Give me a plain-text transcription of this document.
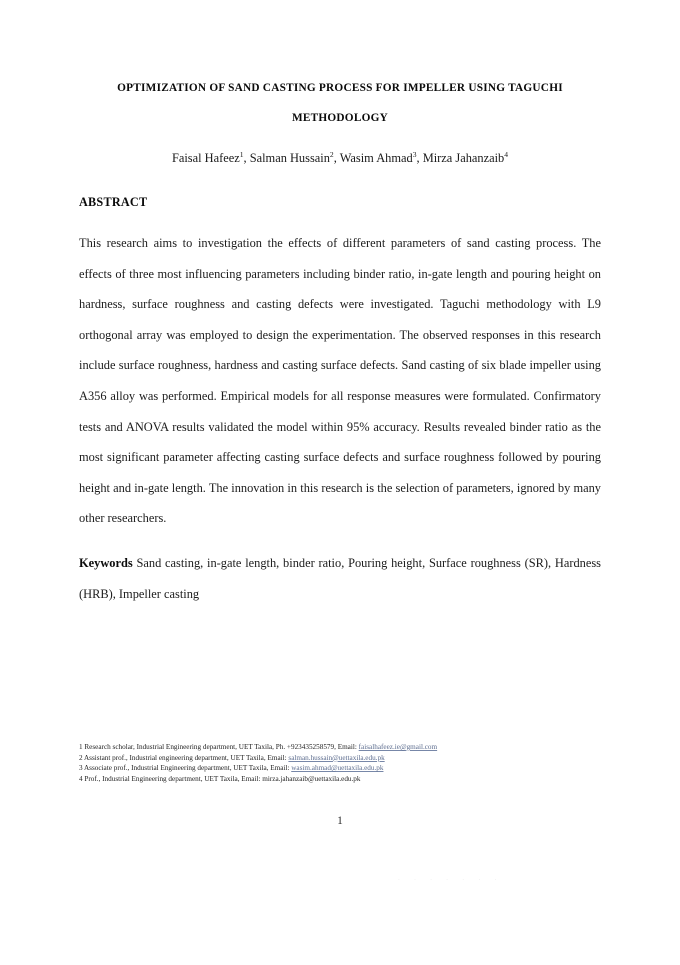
OPTIMIZATION OF SAND CASTING PROCESS FOR IMPELLER USING TAGUCHI
METHODOLOGY

Faisal Hafeez$^1$, Salman Hussain$^2$, Wasim Ahmad$^3$, Mirza Jahanzaib$^4$

ABSTRACT

This research aims to investigation the effects of different parameters of sand casting process. The effects of three most influencing parameters including binder ratio, in-gate length and pouring height on hardness, surface roughness and casting defects were investigated. Taguchi methodology with L9 orthogonal array was employed to design the experimentation. The observed responses in this research include surface roughness, hardness and casting surface defects. Sand casting of six blade impeller using A356 alloy was performed. Empirical models for all response measures were formulated. Confirmatory tests and ANOVA results validated the model within 95% accuracy. Results revealed binder ratio as the most significant parameter affecting casting surface defects and surface roughness followed by pouring height and in-gate length. The innovation in this research is the selection of parameters, ignored by many other researchers.

Keywords Sand casting, in-gate length, binder ratio, Pouring height, Surface roughness (SR), Hardness (HRB), Impeller casting

1 Research scholar, Industrial Engineering department, UET Taxila, Ph. +923435258579, Email: faisalhafeez.ie@gmail.com
2 Assistant prof., Industrial engineering department, UET Taxila, Email: salman.hussain@uettaxila.edu.pk
3 Associate prof., Industrial Engineering department, UET Taxila, Email: wasim.ahmad@uettaxila.edu.pk
4 Prof., Industrial Engineering department, UET Taxila, Email: mirza.jahanzaib@uettaxila.edu.pk
1
. . . . . . .
